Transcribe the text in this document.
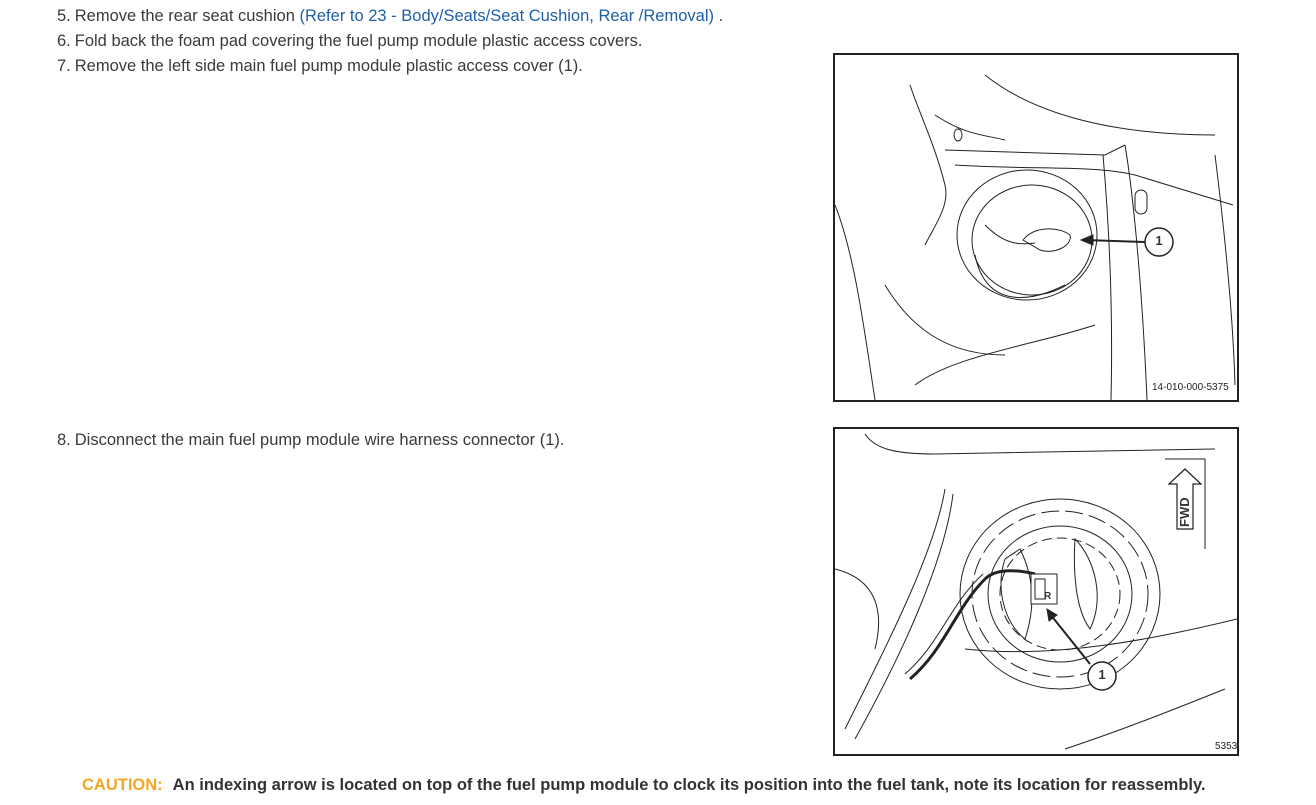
5. Remove the rear seat cushion (Refer to 23 - Body/Seats/Seat Cushion, Rear /Removal) .
6. Fold back the foam pad covering the fuel pump module plastic access covers.
7. Remove the left side main fuel pump module plastic access cover (1).
1
14-010-000-5375
8. Disconnect the main fuel pump module wire harness connector (1).
1
FWD
R
5353
CAUTION: An indexing arrow is located on top of the fuel pump module to clock its position into the fuel tank, note its location for reassembly.
